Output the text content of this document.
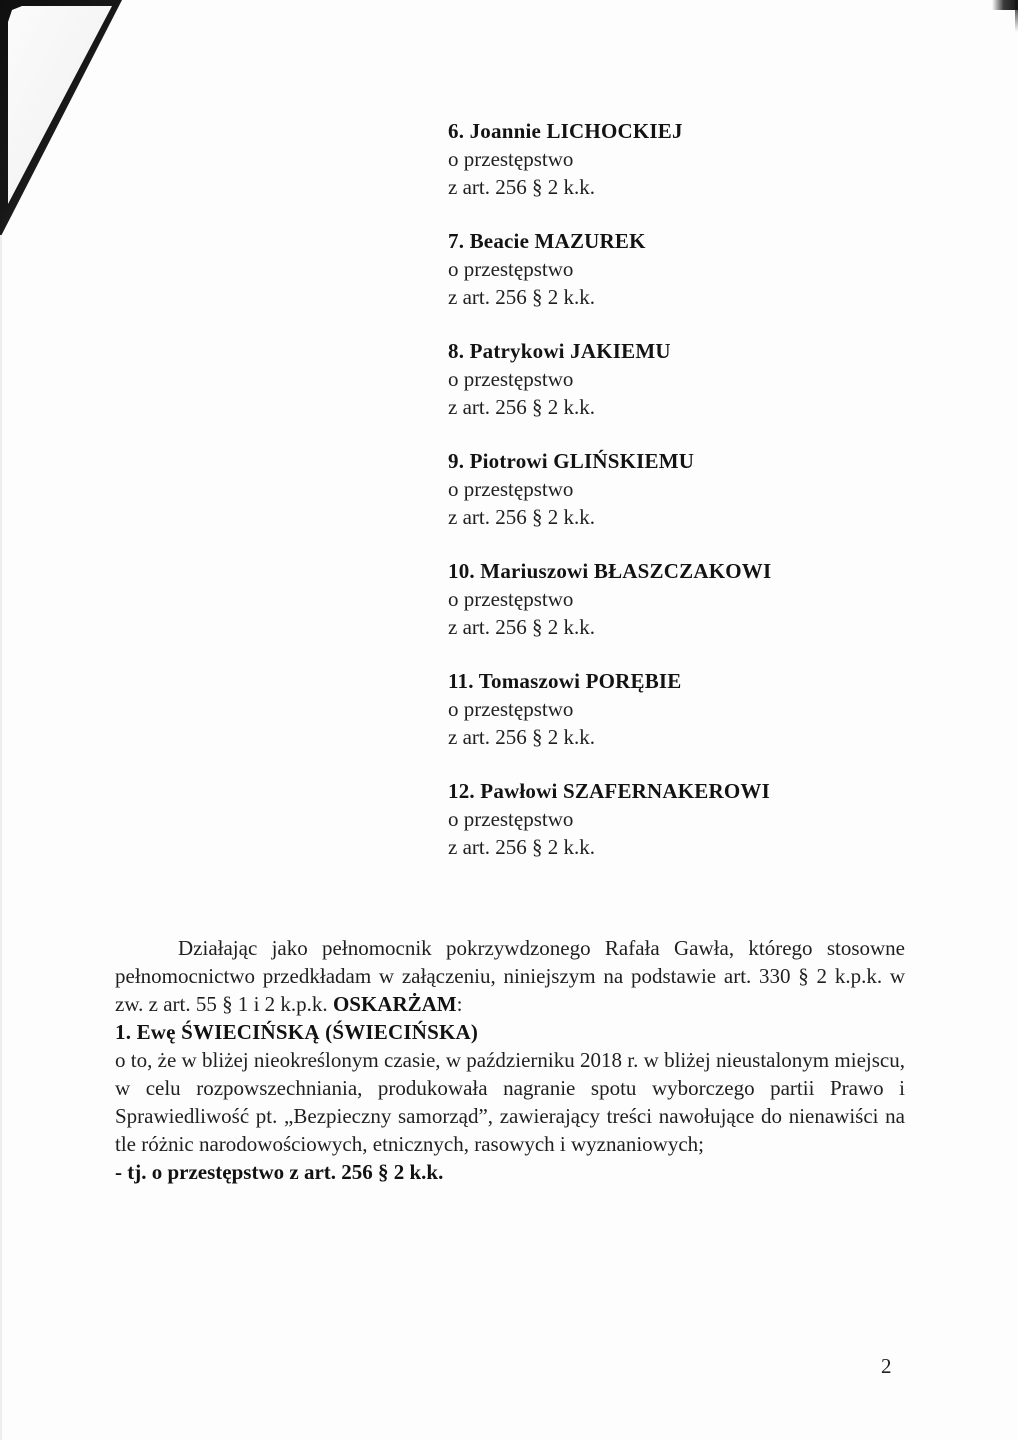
6. Joannie LICHOCKIEJ
o przestępstwo
z art. 256 § 2 k.k.
7. Beacie MAZUREK
o przestępstwo
z art. 256 § 2 k.k.
8. Patrykowi JAKIEMU
o przestępstwo
z art. 256 § 2 k.k.
9. Piotrowi GLIŃSKIEMU
o przestępstwo
z art. 256 § 2 k.k.
10. Mariuszowi BŁASZCZAKOWI
o przestępstwo
z art. 256 § 2 k.k.
11. Tomaszowi PORĘBIE
o przestępstwo
z art. 256 § 2 k.k.
12. Pawłowi SZAFERNAKEROWI
o przestępstwo
z art. 256 § 2 k.k.

Działając jako pełnomocnik pokrzywdzonego Rafała Gawła, którego stosowne pełnomocnictwo przedkładam w załączeniu, niniejszym na podstawie art. 330 § 2 k.p.k. w zw. z art. 55 § 1 i 2 k.p.k. OSKARŻAM:

1. Ewę ŚWIECIŃSKĄ (ŚWIECIŃSKA)

o to, że w bliżej nieokreślonym czasie, w październiku 2018 r. w bliżej nieustalonym miejscu, w celu rozpowszechniania, produkowała nagranie spotu wyborczego partii Prawo i Sprawiedliwość pt. „Bezpieczny samorząd”, zawierający treści nawołujące do nienawiści na tle różnic narodowościowych, etnicznych, rasowych i wyznaniowych;

- tj. o przestępstwo z art. 256 § 2 k.k.

2
